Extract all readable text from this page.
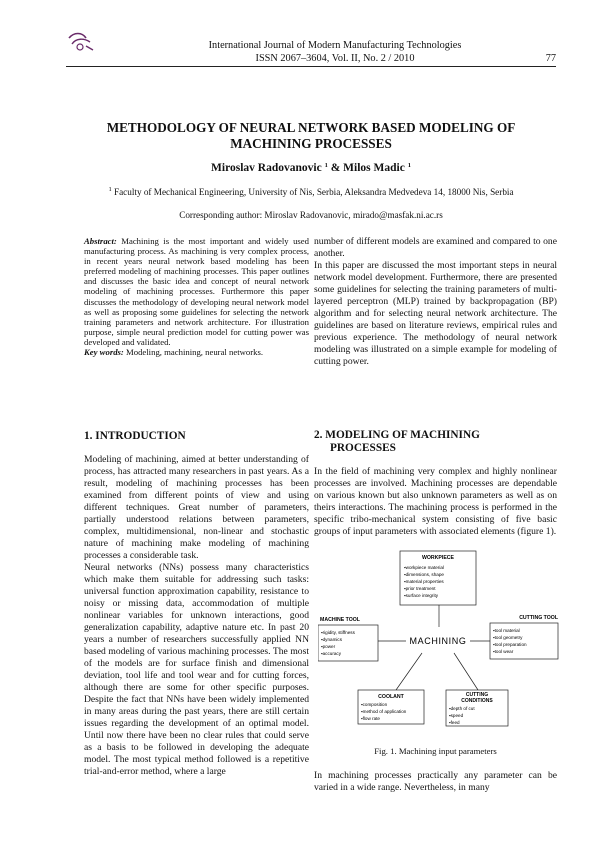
International Journal of Modern Manufacturing Technologies
ISSN 2067–3604, Vol. II, No. 2 / 2010	77
METHODOLOGY OF NEURAL NETWORK BASED MODELING OF
MACHINING PROCESSES
Miroslav Radovanovic $^1$ & Milos Madic $^1$
$^1$ Faculty of Mechanical Engineering, University of Nis, Serbia, Aleksandra Medvedeva 14, 18000 Nis, Serbia
Corresponding author: Miroslav Radovanovic, mirado@masfak.ni.ac.rs

Abstract: Machining is the most important and widely used manufacturing process. As machining is very complex process, in recent years neural network based modeling has been preferred modeling of machining processes. This paper outlines and discusses the basic idea and concept of neural network modeling of machining processes. Furthermore this paper discusses the methodology of developing neural network model as well as proposing some guidelines for selecting the network training parameters and network architecture. For illustration purpose, simple neural prediction model for cutting power was developed and validated.

Key words: Modeling, machining, neural networks.

1. INTRODUCTION

Modeling of machining, aimed at better understanding of process, has attracted many researchers in past years. As a result, modeling of machining processes has been examined from different points of view and using different techniques. Great number of parameters, partially understood relations between parameters, complex, multidimensional, non-linear and stochastic nature of machining make modeling of machining processes a considerable task.

Neural networks (NNs) possess many characteristics which make them suitable for addressing such tasks: universal function approximation capability, resistance to noisy or missing data, accommodation of multiple nonlinear variables for unknown interactions, good generalization capability, adaptive nature etc. In past 20 years a number of researchers successfully applied NN based modeling of various machining processes. The most of the models are for surface finish and dimensional deviation, tool life and tool wear and for cutting forces, although there are some for other specific purposes. Despite the fact that NNs have been widely implemented in many areas during the past years, there are still certain issues regarding the development of an optimal model. Until now there have been no clear rules that could serve as a basis to be followed in developing the adequate model. The most typical method followed is a repetitive trial-and-error method, where a large

number of different models are examined and compared to one another.

In this paper are discussed the most important steps in neural network model development. Furthermore, there are presented some guidelines for selecting the training parameters of multi-layered perceptron (MLP) trained by backpropagation (BP) algorithm and for selecting neural network architecture. The guidelines are based on literature reviews, empirical rules and previous experience. The methodology of neural network modeling was illustrated on a simple example for modeling of cutting power.

2. MODELING OF MACHINING
PROCESSES
In the field of machining very complex and highly nonlinear processes are involved. Machining processes are dependable on various known but also unknown parameters as well as on theirs interactions. The machining process is performed in the specific tribo-mechanical system consisting of five basic groups of input parameters with associated elements (figure 1).
WORKPIECE
▪workpiece material
▪dimensions, shape
▪material properties
▪prior treatment
▪surface integrity
MACHINE TOOL
▪rigidity, stiffness
▪dynamics
▪power
▪accuracy
MACHINING
CUTTING TOOL
▪tool material
▪tool geometry
▪tool preparation
▪tool wear
COOLANT
▪composition
▪method of application
▪flow rate
CUTTING
CONDITIONS
▪depth of cut
▪speed
▪feed
Fig. 1. Machining input parameters
In machining processes practically any parameter can be varied in a wide range. Nevertheless, in many
